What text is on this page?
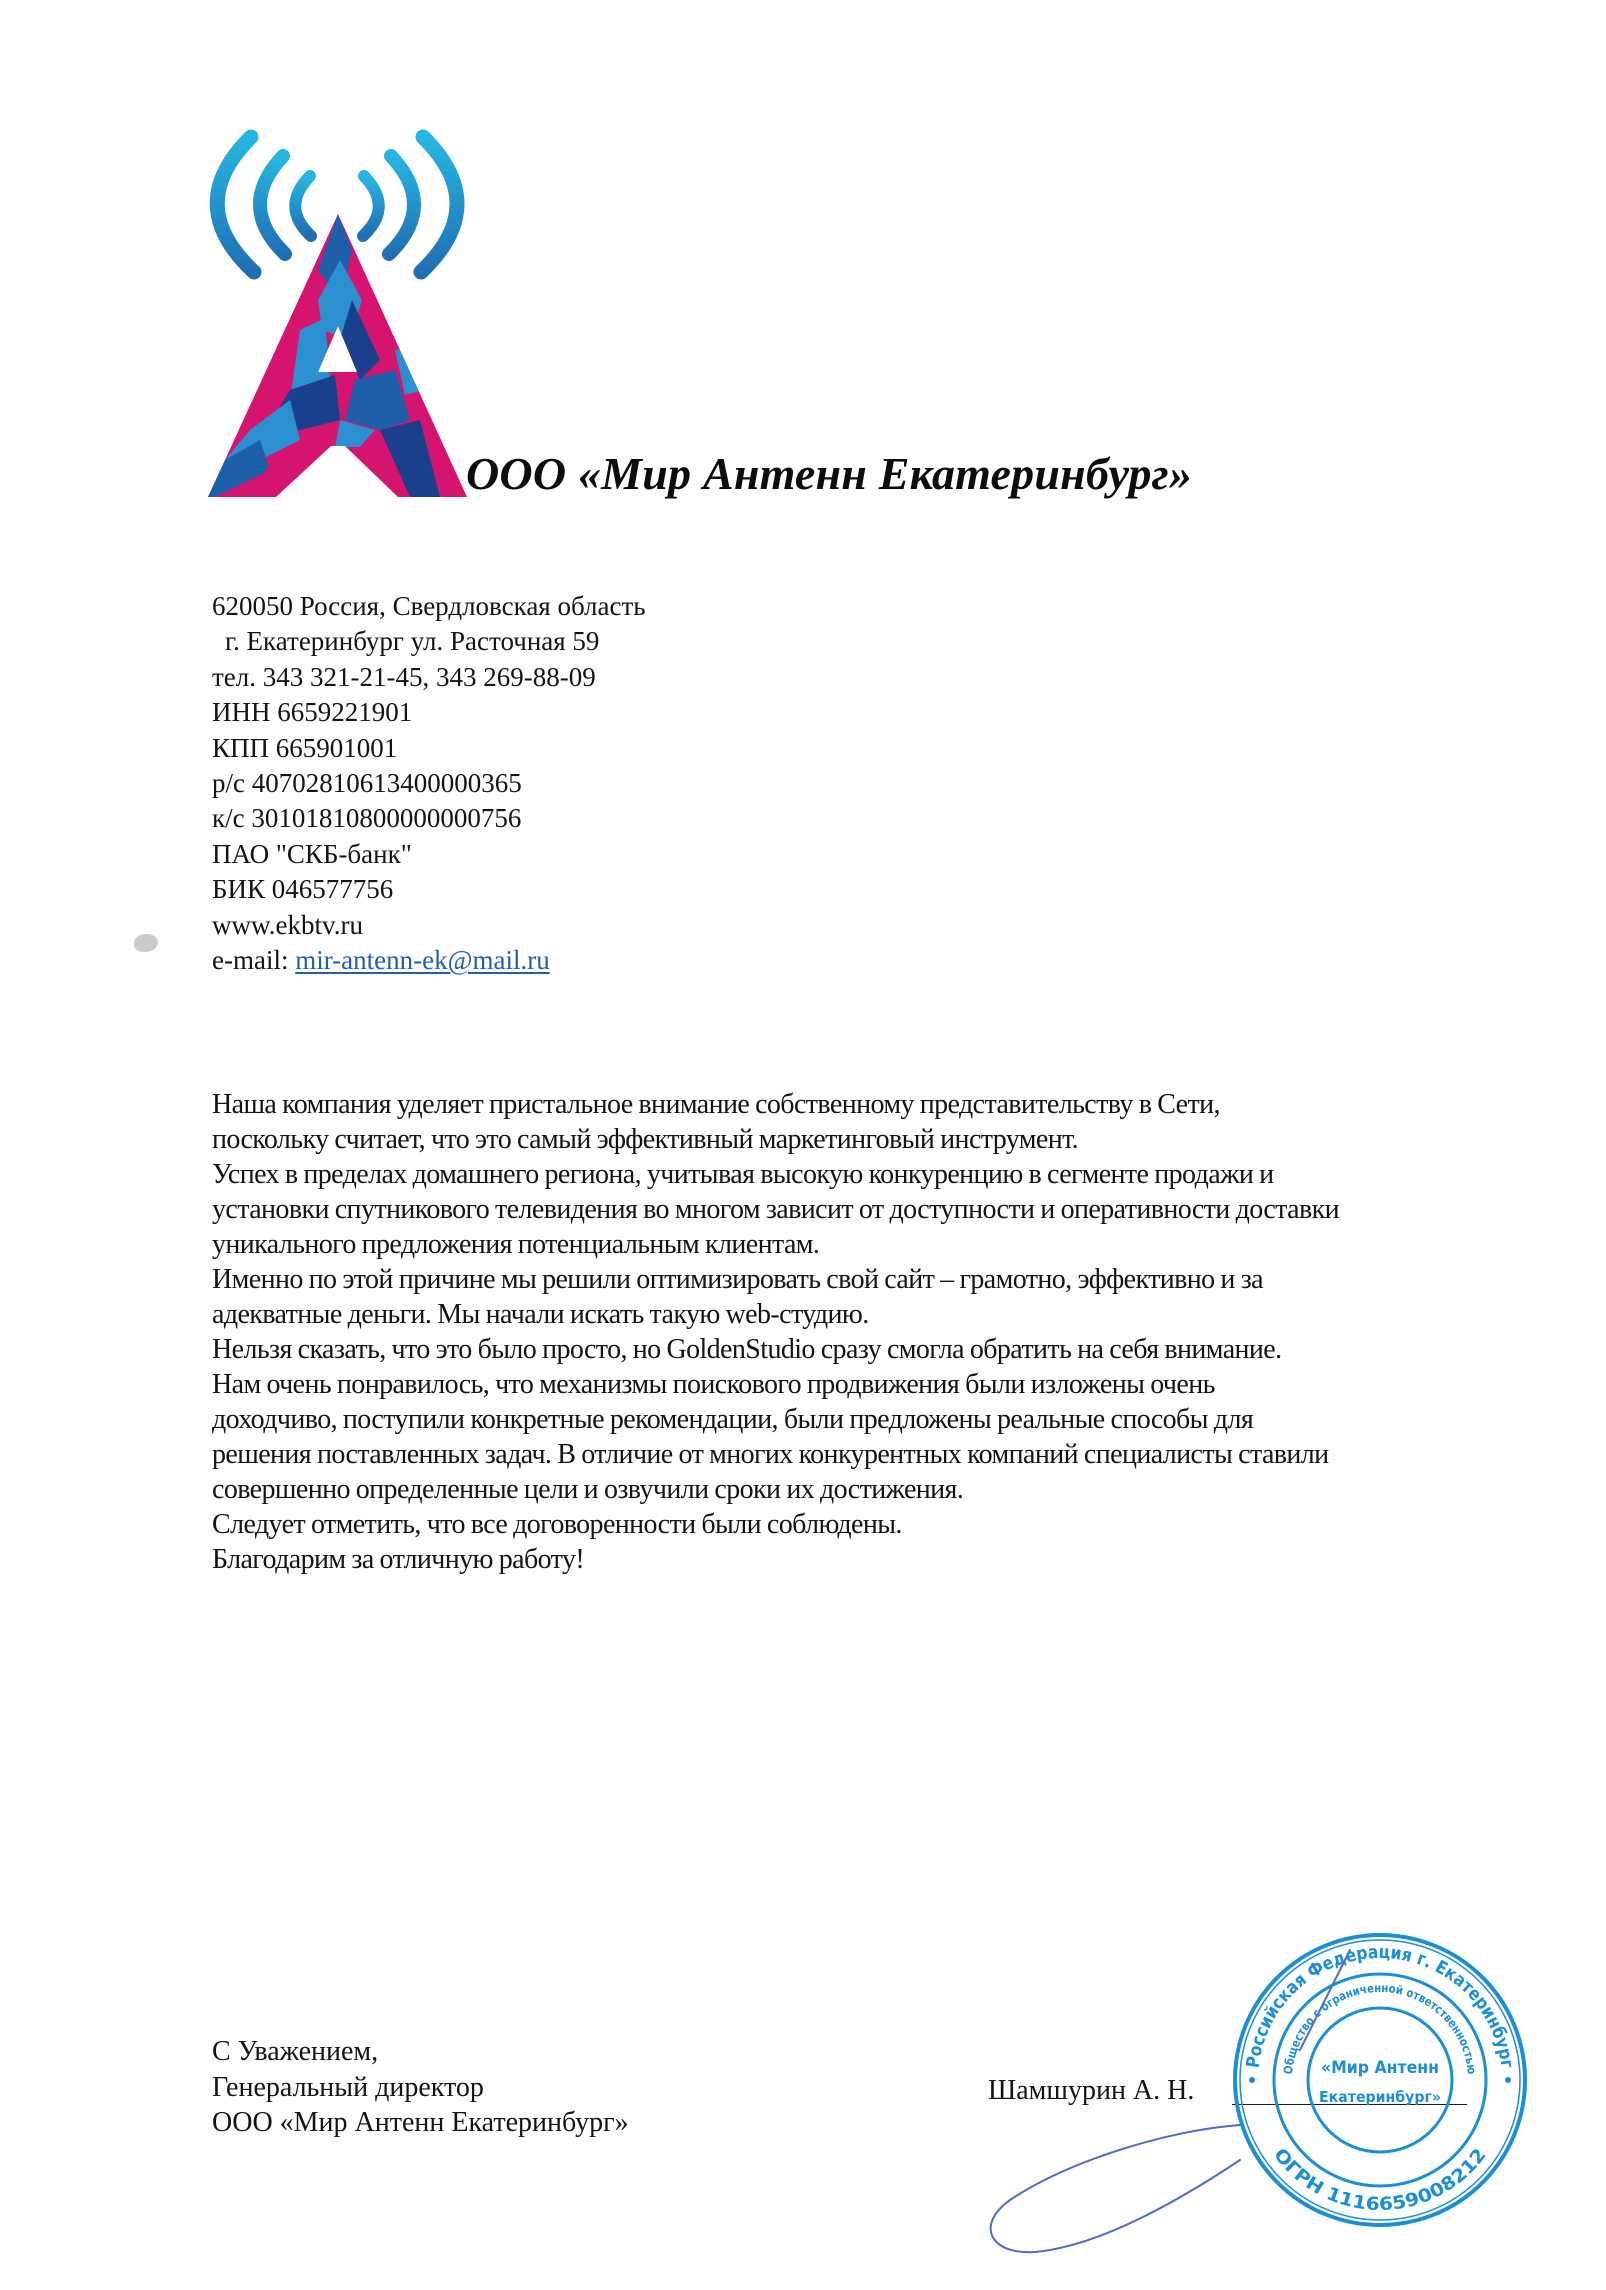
ООО «Мир Антенн Екатеринбург»
620050 Россия, Свердловская область
г. Екатеринбург ул. Расточная 59
тел. 343 321-21-45, 343 269-88-09
ИНН 6659221901
КПП 665901001
р/с 40702810613400000365
к/с 30101810800000000756
ПАО "СКБ-банк"
БИК 046577756
www.ekbtv.ru
e-mail: mir-antenn-ek@mail.ru
Наша компания уделяет пристальное внимание собственному представительству в Сети,
поскольку считает, что это самый эффективный маркетинговый инструмент.
Успех в пределах домашнего региона, учитывая высокую конкуренцию в сегменте продажи и
установки спутникового телевидения во многом зависит от доступности и оперативности доставки
уникального предложения потенциальным клиентам.
Именно по этой причине мы решили оптимизировать свой сайт – грамотно, эффективно и за
адекватные деньги. Мы начали искать такую web-студию.
Нельзя сказать, что это было просто, но GoldenStudio сразу смогла обратить на себя внимание.
Нам очень понравилось, что механизмы поискового продвижения были изложены очень
доходчиво, поступили конкретные рекомендации, были предложены реальные способы для
решения поставленных задач. В отличие от многих конкурентных компаний специалисты ставили
совершенно определенные цели и озвучили сроки их достижения.
Следует отметить, что все договоренности были соблюдены.
Благодарим за отличную работу!
С Уважением,
Генеральный директор
ООО «Мир Антенн Екатеринбург»
Шамшурин А. Н.
Российская Федерация г. Екатеринбург
ОГРН 1116659008212
Общество с ограниченной ответственностью
«Мир Антенн
Екатеринбург»
